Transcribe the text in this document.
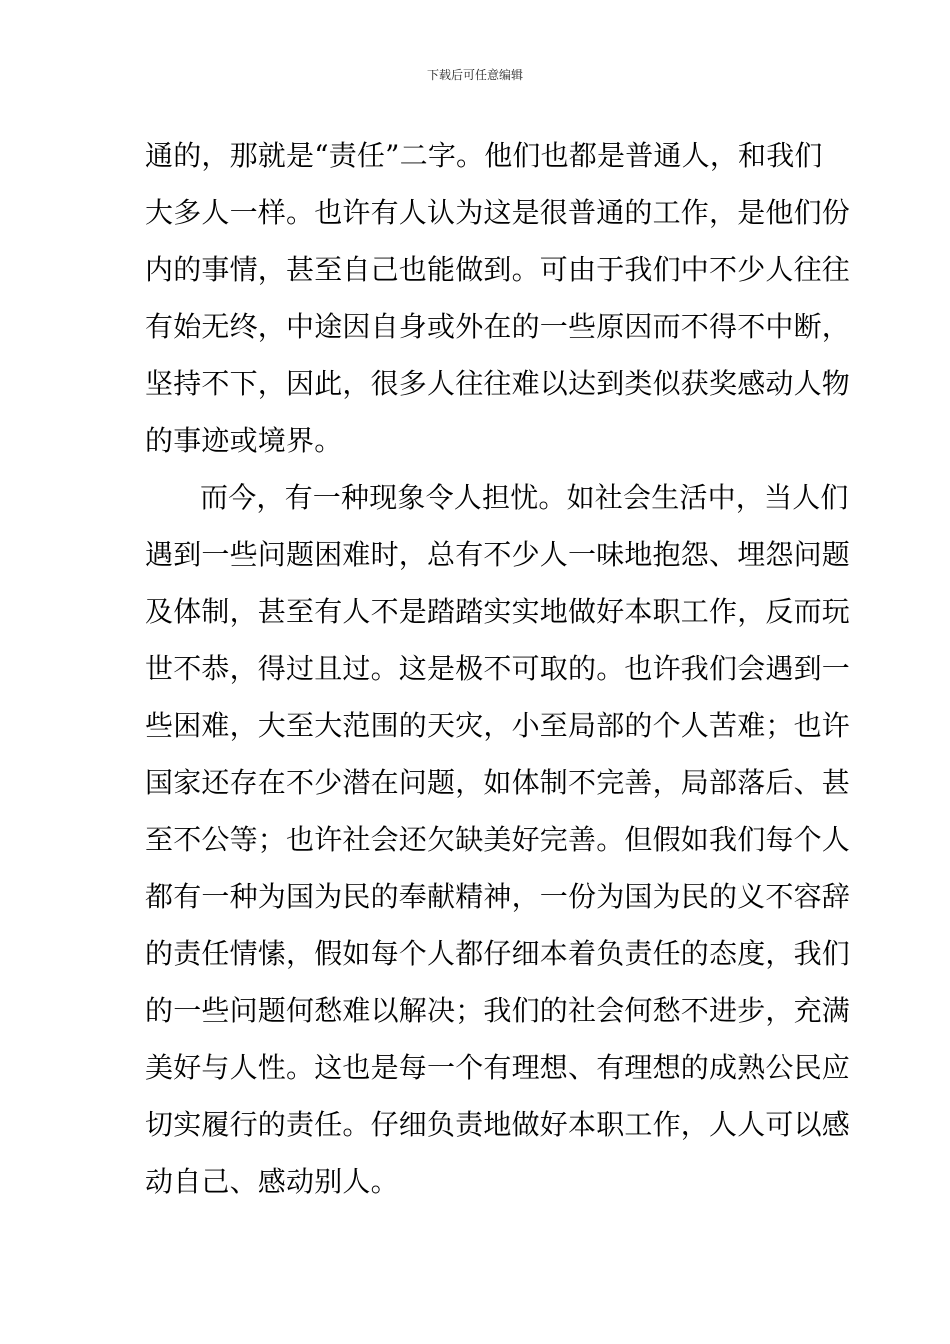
下载后可任意编辑
通的，那就是“责任”二字。他们也都是普通人，和我们
大多人一样。也许有人认为这是很普通的工作，是他们份
内的事情，甚至自己也能做到。可由于我们中不少人往往
有始无终，中途因自身或外在的一些原因而不得不中断，
坚持不下，因此，很多人往往难以达到类似获奖感动人物
的事迹或境界。
而今，有一种现象令人担忧。如社会生活中，当人们
遇到一些问题困难时，总有不少人一味地抱怨、埋怨问题
及体制，甚至有人不是踏踏实实地做好本职工作，反而玩
世不恭，得过且过。这是极不可取的。也许我们会遇到一
些困难，大至大范围的天灾，小至局部的个人苦难；也许
国家还存在不少潜在问题，如体制不完善，局部落后、甚
至不公等；也许社会还欠缺美好完善。但假如我们每个人
都有一种为国为民的奉献精神，一份为国为民的义不容辞
的责任情愫，假如每个人都仔细本着负责任的态度，我们
的一些问题何愁难以解决；我们的社会何愁不进步，充满
美好与人性。这也是每一个有理想、有理想的成熟公民应
切实履行的责任。仔细负责地做好本职工作，人人可以感
动自己、感动别人。
